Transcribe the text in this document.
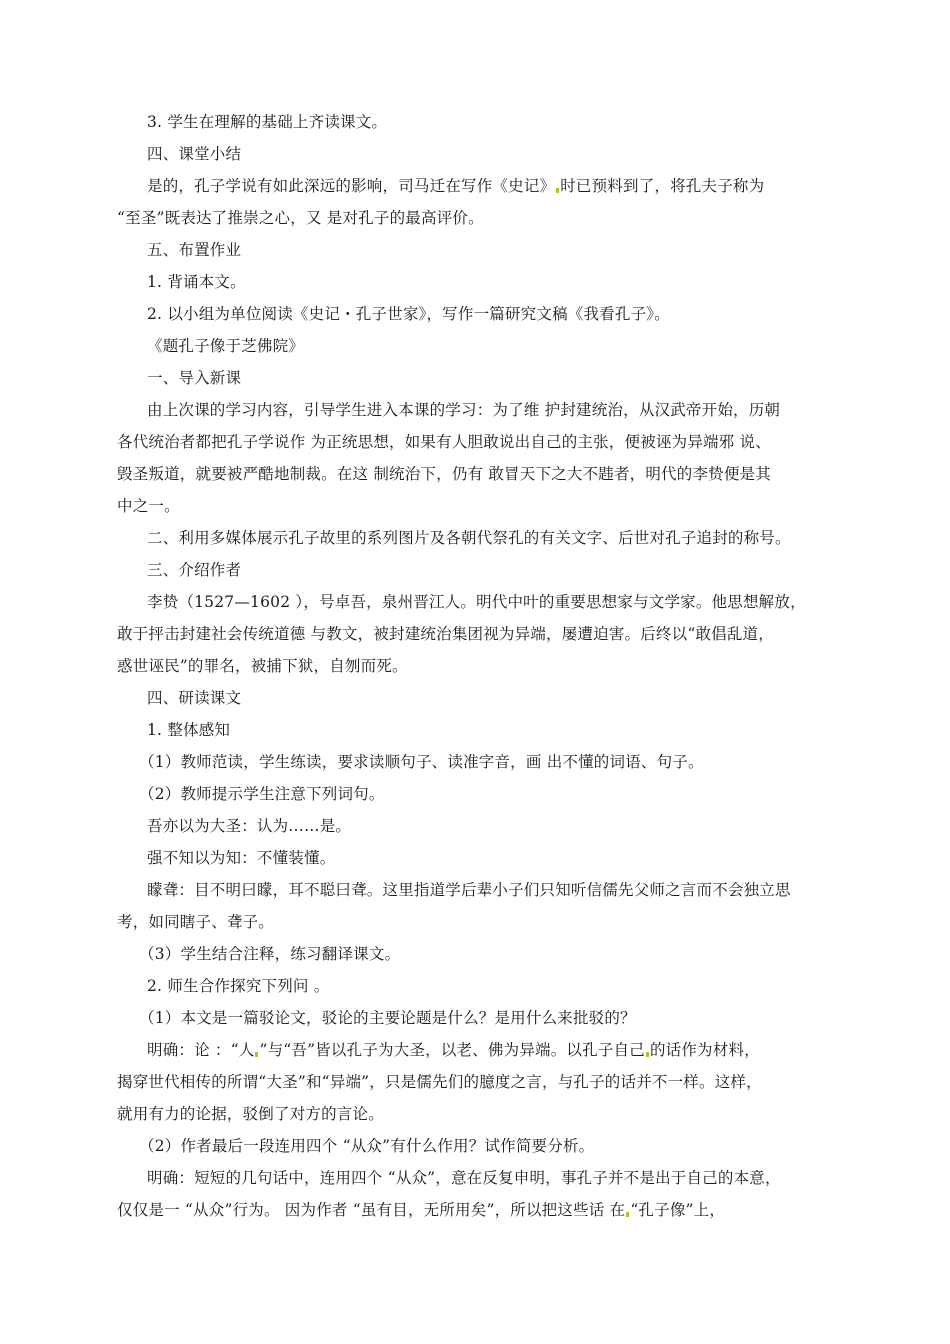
3. 学生在理解的基础上齐读课文。
四、课堂小结
是的，孔子学说有如此深远的影响，司马迁在写作《史记》 时已预料到了，将孔夫子称为
“至圣”既表达了推崇之心，又 是对孔子的最高评价。
五、布置作业
1. 背诵本文。
2. 以小组为单位阅读《史记・孔子世家》，写作一篇研究文稿《我看孔子》。
《题孔子像于芝佛院》
一、导入新课
由上次课的学习内容，引导学生进入本课的学习：为了维 护封建统治，从汉武帝开始，历朝
各代统治者都把孔子学说作 为正统思想，如果有人胆敢说出自己的主张，便被诬为异端邪 说、
毁圣叛道，就要被严酷地制裁。在这 制统治下，仍有 敢冒天下之大不韪者，明代的李贽便是其
中之一。
二、利用多媒体展示孔子故里的系列图片及各朝代祭孔的有关文字、后世对孔子追封的称号。
三、介绍作者
李贽（1527—1602 ），号卓吾，泉州晋江人。明代中叶的重要思想家与文学家。他思想解放，
敢于抨击封建社会传统道德 与教文，被封建统治集团视为异端，屡遭迫害。后终以“敢倡乱道，
惑世诬民”的罪名，被捕下狱，自刎而死。
四、研读课文
1. 整体感知
（1）教师范读，学生练读，要求读顺句子、读准字音，画 出不懂的词语、句子。
（2）教师提示学生注意下列词句。
吾亦以为大圣：认为……是。
强不知以为知：不懂装懂。
矇聋：目不明曰矇，耳不聪曰聋。这里指道学后辈小子们只知听信儒先父师之言而不会独立思
考，如同瞎子、聋子。
（3）学生结合注释，练习翻译课文。
2. 师生合作探究下列问 。
（1）本文是一篇驳论文，驳论的主要论题是什么？是用什么来批驳的？
明确：论 ：“人 ”与“吾”皆以孔子为大圣，以老、佛为异端。以孔子自己 的话作为材料，
揭穿世代相传的所谓“大圣”和“异端”，只是儒先们的臆度之言，与孔子的话并不一样。这样，
就用有力的论据，驳倒了对方的言论。
（2）作者最后一段连用四个 “从众”有什么作用？试作简要分析。
明确：短短的几句话中，连用四个 “从众”，意在反复申明，事孔子并不是出于自己的本意，
仅仅是一 “从众”行为。 因为作者 “虽有目，无所用矣”，所以把这些话 在 “孔子像”上，
